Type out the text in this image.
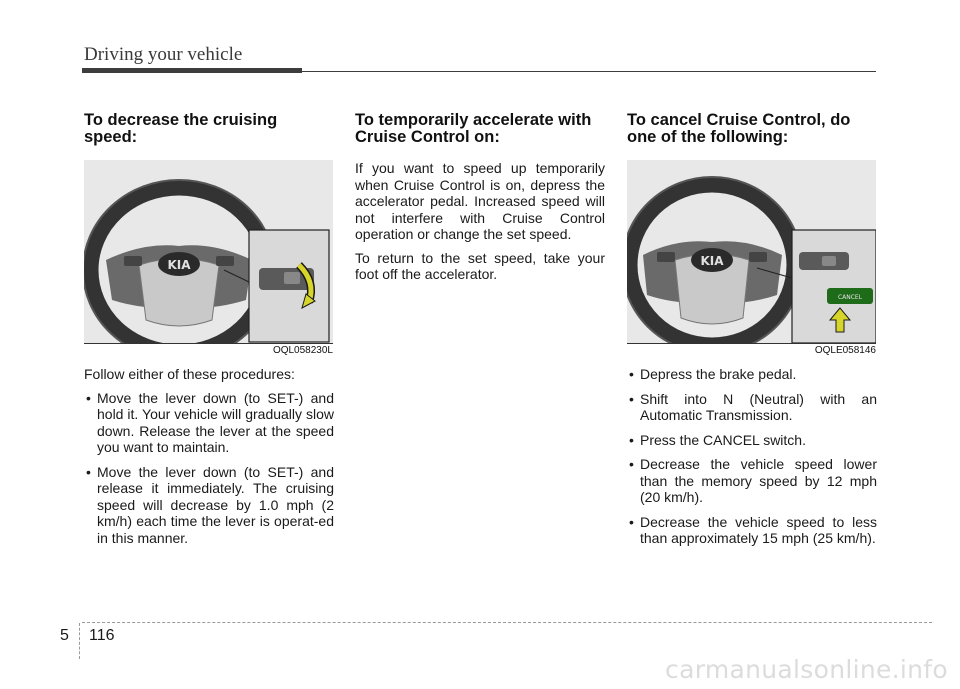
Driving your vehicle
To decrease the cruising speed:
KIA
OQL058230L

Follow either of these procedures:

• Move the lever down (to SET-) and hold it. Your vehicle will gradually slow down. Release the lever at the speed you want to maintain.
• Move the lever down (to SET-) and release it immediately. The cruising speed will decrease by 1.0 mph (2 km/h) each time the lever is operat-ed in this manner.
To temporarily accelerate with Cruise Control on:

If you want to speed up temporarily when Cruise Control is on, depress the accelerator pedal. Increased speed will not interfere with Cruise Control operation or change the set speed.

To return to the set speed, take your foot off the accelerator.

To cancel Cruise Control, do one of the following:
KIA
CANCEL
OQLE058146
• Depress the brake pedal.
• Shift into N (Neutral) with an Automatic Transmission.
• Press the CANCEL switch.
• Decrease the vehicle speed lower than the memory speed by 12 mph (20 km/h).
• Decrease the vehicle speed to less than approximately 15 mph (25 km/h).
5 116
carmanualsonline.info
